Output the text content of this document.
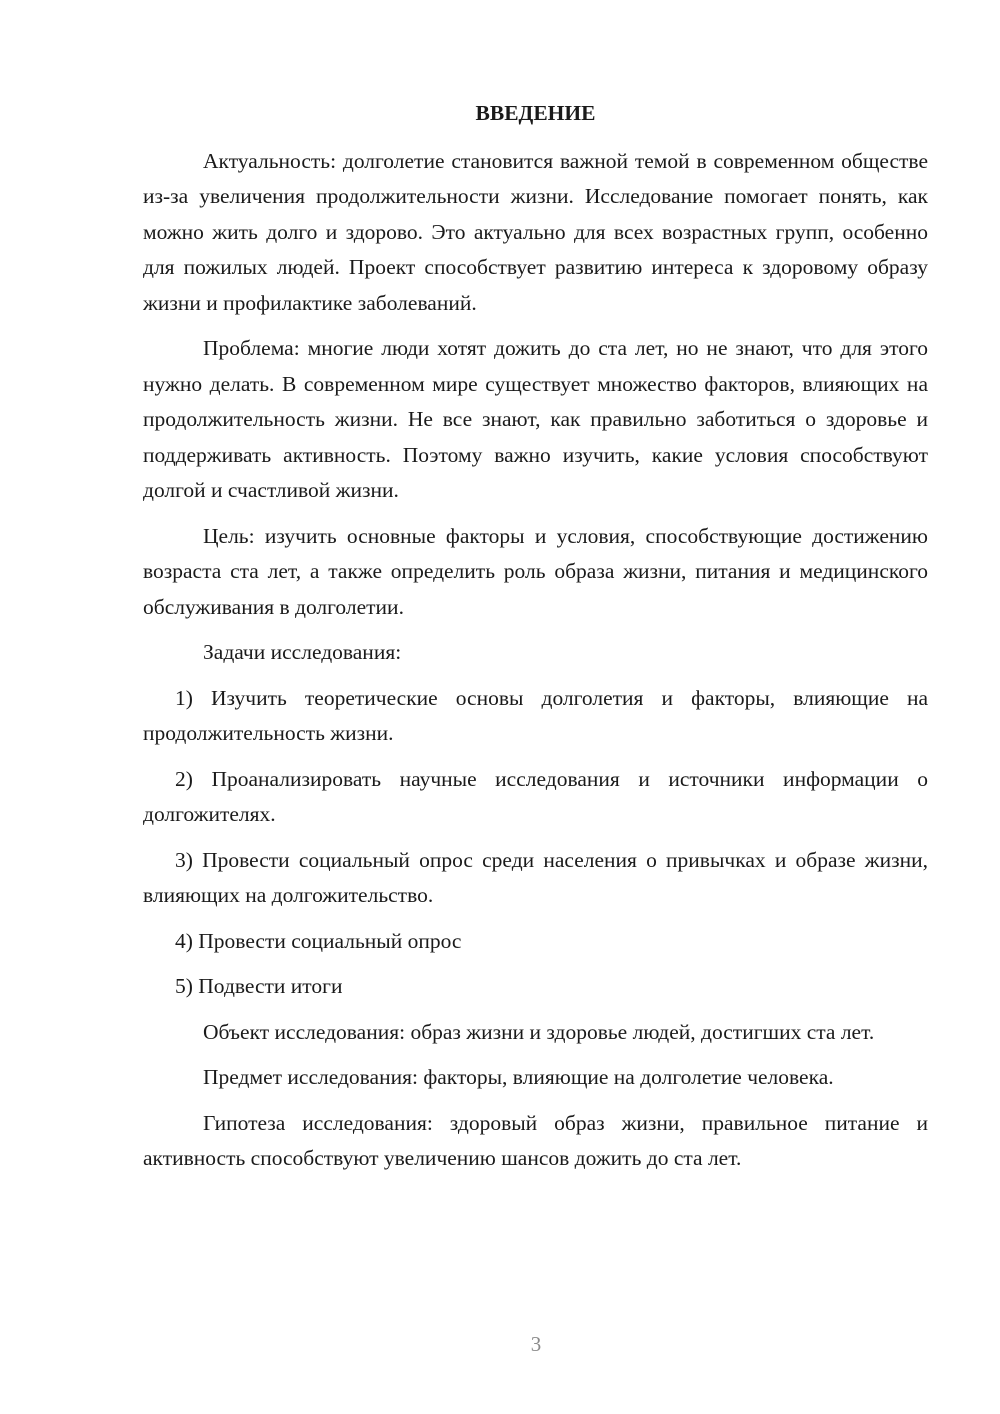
ВВЕДЕНИЕ

Актуальность: долголетие становится важной темой в современном обществе из-за увеличения продолжительности жизни. Исследование помогает понять, как можно жить долго и здорово. Это актуально для всех возрастных групп, особенно для пожилых людей. Проект способствует развитию интереса к здоровому образу жизни и профилактике заболеваний.

Проблема: многие люди хотят дожить до ста лет, но не знают, что для этого нужно делать. В современном мире существует множество факторов, влияющих на продолжительность жизни. Не все знают, как правильно заботиться о здоровье и поддерживать активность. Поэтому важно изучить, какие условия способствуют долгой и счастливой жизни.

Цель: изучить основные факторы и условия, способствующие достижению возраста ста лет, а также определить роль образа жизни, питания и медицинского обслуживания в долголетии.

Задачи исследования:

1) Изучить теоретические основы долголетия и факторы, влияющие на продолжительность жизни.

2) Проанализировать научные исследования и источники информации о долгожителях.

3) Провести социальный опрос среди населения о привычках и образе жизни, влияющих на долгожительство.

4) Провести социальный опрос

5) Подвести итоги

Объект исследования: образ жизни и здоровье людей, достигших ста лет.

Предмет исследования: факторы, влияющие на долголетие человека.

Гипотеза исследования: здоровый образ жизни, правильное питание и активность способствуют увеличению шансов дожить до ста лет.

3
